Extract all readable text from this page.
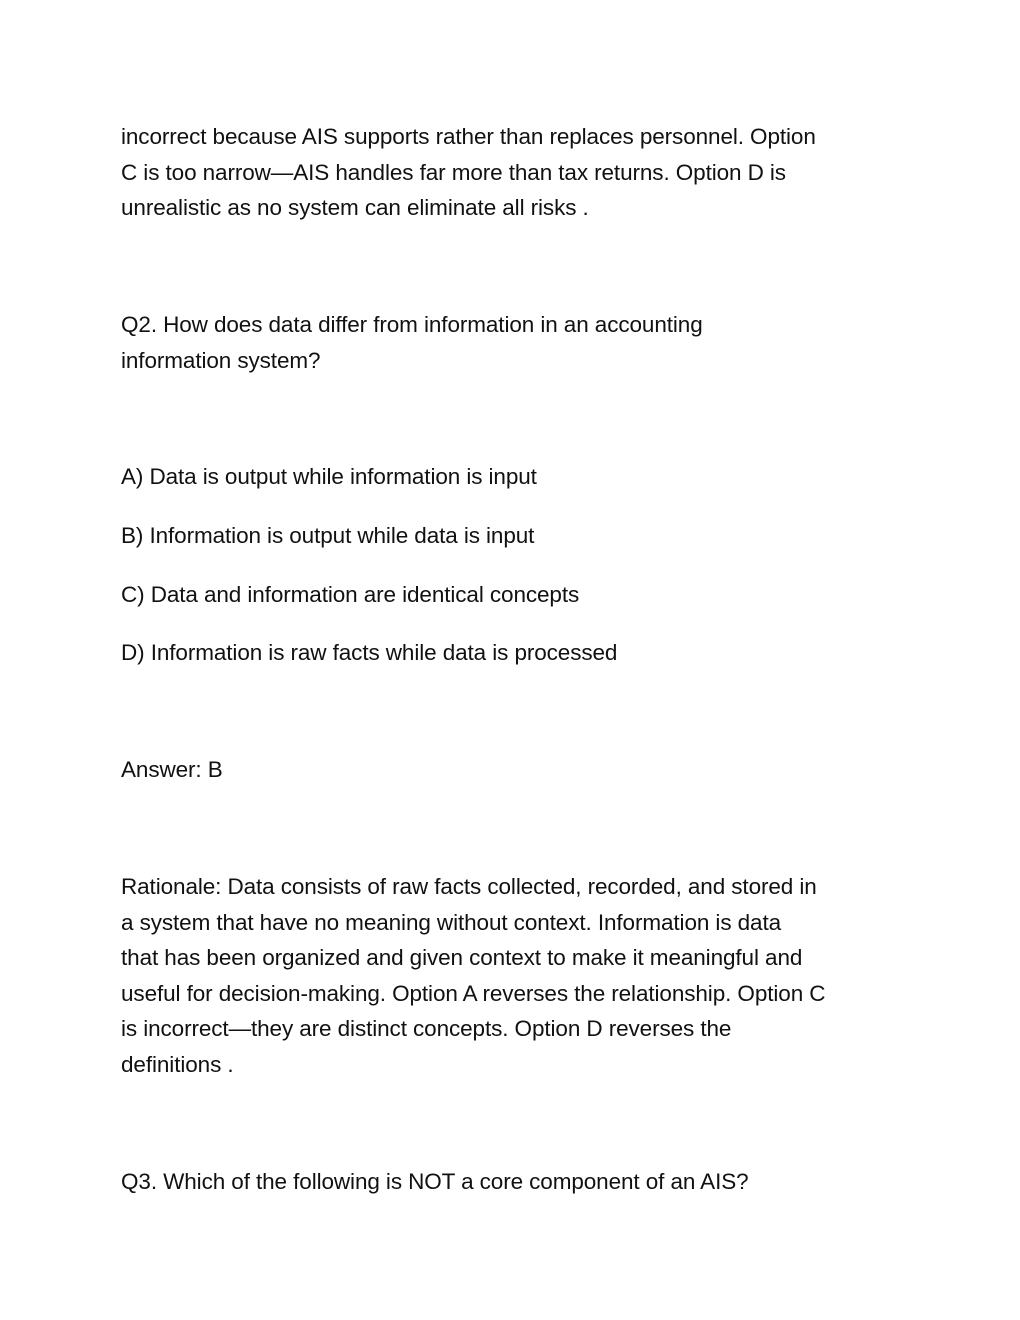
incorrect because AIS supports rather than replaces personnel. Option
C is too narrow—AIS handles far more than tax returns. Option D is
unrealistic as no system can eliminate all risks .

Q2. How does data differ from information in an accounting
information system?

A) Data is output while information is input

B) Information is output while data is input

C) Data and information are identical concepts

D) Information is raw facts while data is processed

Answer: B

Rationale: Data consists of raw facts collected, recorded, and stored in
a system that have no meaning without context. Information is data
that has been organized and given context to make it meaningful and
useful for decision-making. Option A reverses the relationship. Option C
is incorrect—they are distinct concepts. Option D reverses the
definitions .

Q3. Which of the following is NOT a core component of an AIS?
